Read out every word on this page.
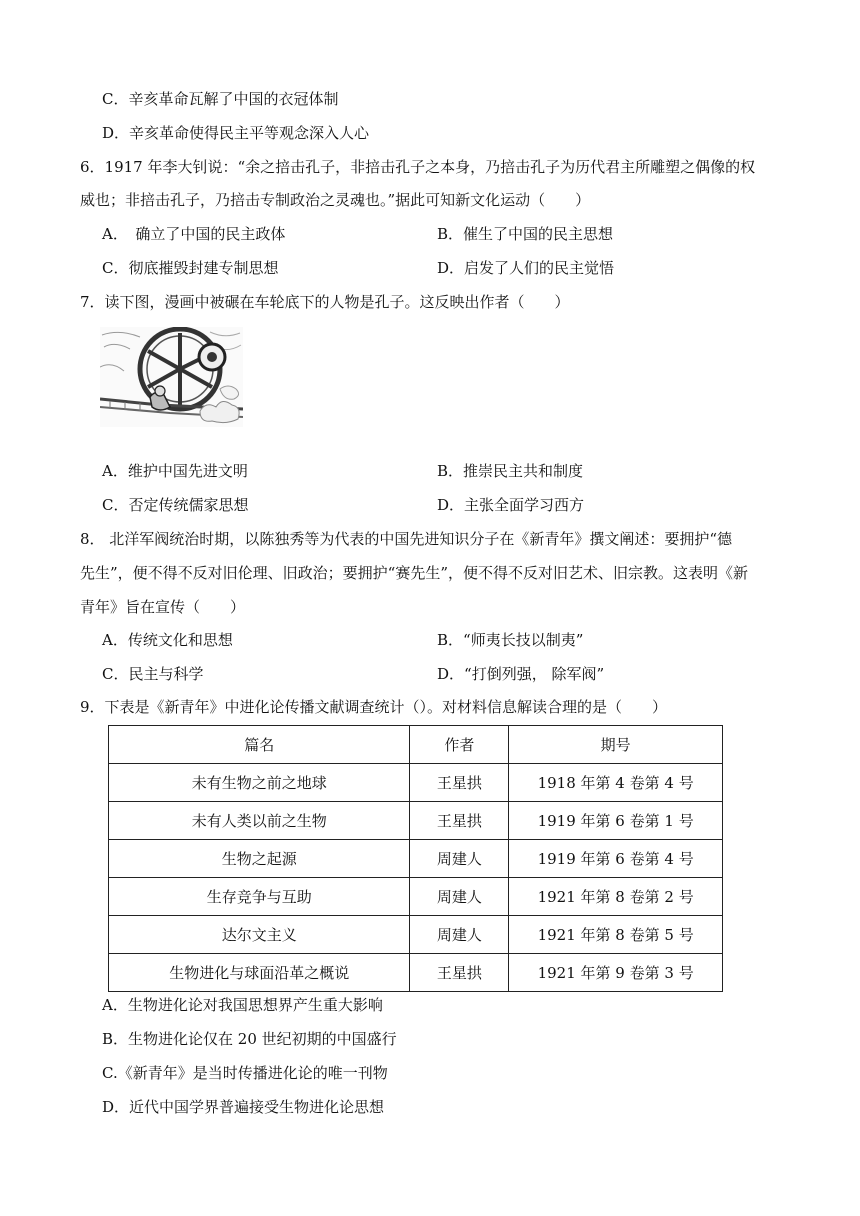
C．辛亥革命瓦解了中国的衣冠体制
D．辛亥革命使得民主平等观念深入人心
6．1917 年李大钊说：“余之掊击孔子，非掊击孔子之本身，乃掊击孔子为历代君主所雕塑之偶像的权
威也；非掊击孔子，乃掊击专制政治之灵魂也。”据此可知新文化运动（　　）
A．　确立了中国的民主政体	B．催生了中国的民主思想
C．彻底摧毁封建专制思想	D．启发了人们的民主觉悟
7．读下图，漫画中被碾在车轮底下的人物是孔子。这反映出作者（　　）
A．维护中国先进文明	B．推崇民主共和制度
C．否定传统儒家思想	D．主张全面学习西方
8． 北洋军阀统治时期，以陈独秀等为代表的中国先进知识分子在《新青年》撰文阐述：要拥护“德
先生”，便不得不反对旧伦理、旧政治；要拥护“赛先生”，便不得不反对旧艺术、旧宗教。这表明《新
青年》旨在宣传（　　）
A．传统文化和思想	B．“师夷长技以制夷”
C．民主与科学	D．“打倒列强， 除军阀”
9．下表是《新青年》中进化论传播文献调查统计（）。对材料信息解读合理的是（　　）
篇名	作者	期号
未有生物之前之地球	王星拱	1918 年第 4 卷第 4 号
未有人类以前之生物	王星拱	1919 年第 6 卷第 1 号
生物之起源	周建人	1919 年第 6 卷第 4 号
生存竞争与互助	周建人	1921 年第 8 卷第 2 号
达尔文主义	周建人	1921 年第 8 卷第 5 号
生物进化与球面沿革之概说	王星拱	1921 年第 9 卷第 3 号
A．生物进化论对我国思想界产生重大影响
B．生物进化论仅在 20 世纪初期的中国盛行
C.《新青年》是当时传播进化论的唯一刊物
D．近代中国学界普遍接受生物进化论思想
